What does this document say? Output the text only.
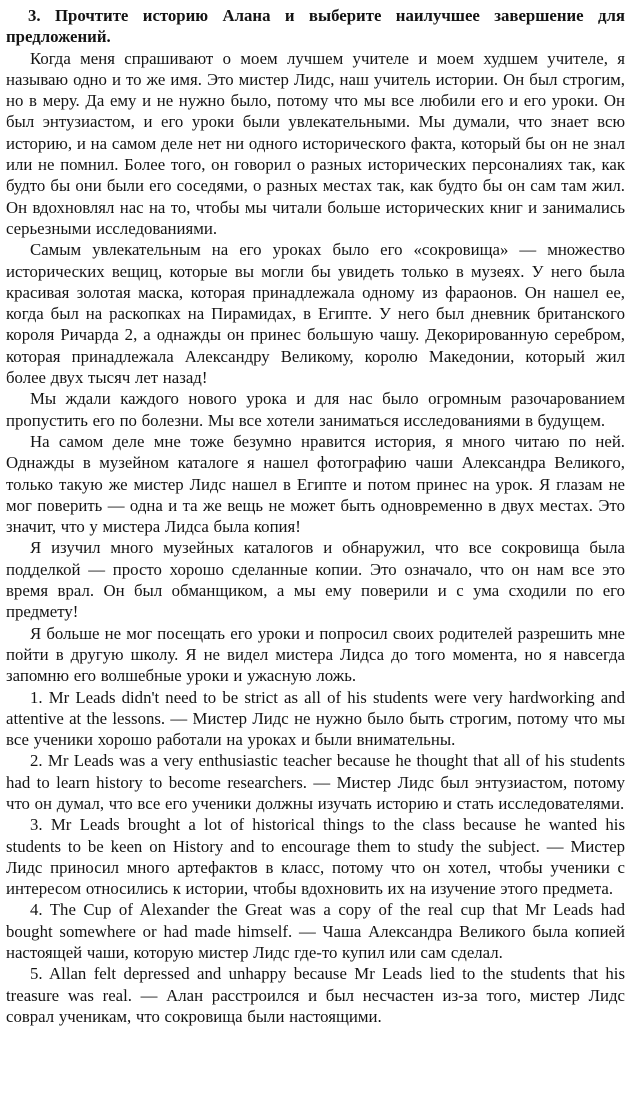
3. Прочтите историю Алана и выберите наилучшее завершение для предложений.

Когда меня спрашивают о моем лучшем учителе и моем худшем учителе, я называю одно и то же имя. Это мистер Лидс, наш учитель истории. Он был строгим, но в меру. Да ему и не нужно было, потому что мы все любили его и его уроки. Он был энтузиастом, и его уроки были увлекательными. Мы думали, что знает всю историю, и на самом деле нет ни одного исторического факта, который бы он не знал или не помнил. Более того, он говорил о разных исторических персоналиях так, как будто бы они были его соседями, о разных местах так, как будто бы он сам там жил. Он вдохновлял нас на то, чтобы мы читали больше исторических книг и занимались серьезными исследованиями.

Самым увлекательным на его уроках было его «сокровища» — множество исторических вещиц, которые вы могли бы увидеть только в музеях. У него была красивая золотая маска, которая принадлежала одному из фараонов. Он нашел ее, когда был на раскопках на Пирамидах, в Египте. У него был дневник британского короля Ричарда 2, а однажды он принес большую чашу. Декорированную серебром, которая принадлежала Александру Великому, королю Македонии, который жил более двух тысяч лет назад!

Мы ждали каждого нового урока и для нас было огромным разочарованием пропустить его по болезни. Мы все хотели заниматься исследованиями в будущем.

На самом деле мне тоже безумно нравится история, я много читаю по ней. Однажды в музейном каталоге я нашел фотографию чаши Александра Великого, только такую же мистер Лидс нашел в Египте и потом принес на урок. Я глазам не мог поверить — одна и та же вещь не может быть одновременно в двух местах. Это значит, что у мистера Лидса была копия!

Я изучил много музейных каталогов и обнаружил, что все сокровища была подделкой — просто хорошо сделанные копии. Это означало, что он нам все это время врал. Он был обманщиком, а мы ему поверили и с ума сходили по его предмету!

Я больше не мог посещать его уроки и попросил своих родителей разрешить мне пойти в другую школу. Я не видел мистера Лидса до того момента, но я навсегда запомню его волшебные уроки и ужасную ложь.

1. Mr Leads didn't need to be strict as all of his students were very hardworking and attentive at the lessons. — Мистер Лидс не нужно было быть строгим, потому что мы все ученики хорошо работали на уроках и были внимательны.

2. Mr Leads was a very enthusiastic teacher because he thought that all of his students had to learn history to become researchers. — Мистер Лидс был энтузиастом, потому что он думал, что все его ученики должны изучать историю и стать исследователями.

3. Mr Leads brought a lot of historical things to the class because he wanted his students to be keen on History and to encourage them to study the subject. — Мистер Лидс приносил много артефактов в класс, потому что он хотел, чтобы ученики с интересом относились к истории, чтобы вдохновить их на изучение этого предмета.

4. The Cup of Alexander the Great was a copy of the real cup that Mr Leads had bought somewhere or had made himself. — Чаша Александра Великого была копией настоящей чаши, которую мистер Лидс где-то купил или сам сделал.

5. Allan felt depressed and unhappy because Mr Leads lied to the students that his treasure was real. — Алан расстроился и был несчастен из-за того, мистер Лидс соврал ученикам, что сокровища были настоящими.
